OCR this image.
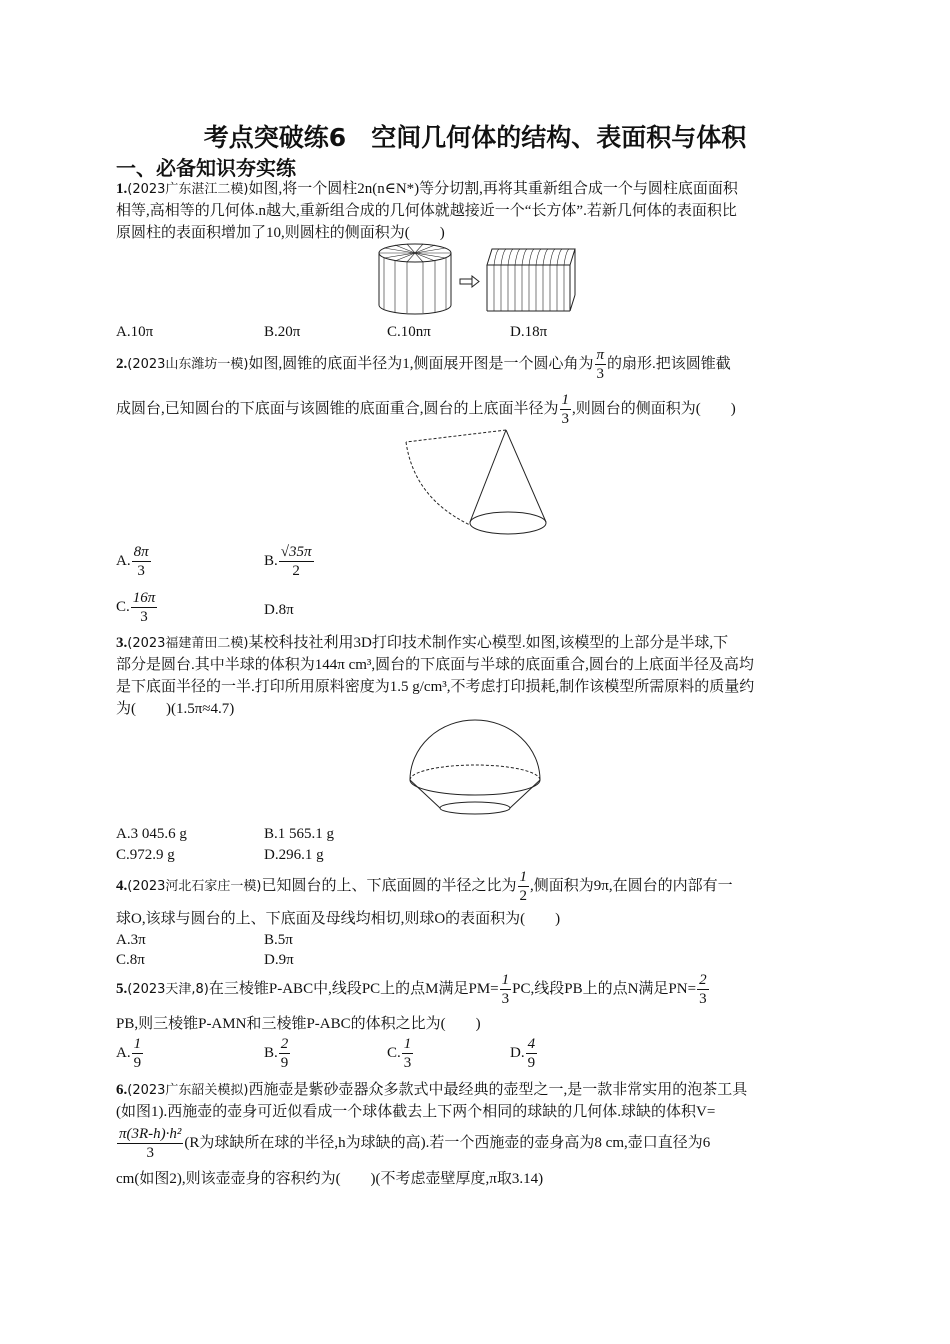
考点突破练6　空间几何体的结构、表面积与体积
一、必备知识夯实练
1.(2023广东湛江二模)如图,将一个圆柱2n(n∈N*)等分切割,再将其重新组合成一个与圆柱底面面积
相等,高相等的几何体.n越大,重新组合成的几何体就越接近一个“长方体”.若新几何体的表面积比
原圆柱的表面积增加了10,则圆柱的侧面积为(　　)
A.10π	B.20π	C.10nπ	D.18π
2.(2023山东潍坊一模)如图,圆锥的底面半径为1,侧面展开图是一个圆心角为 $\frac{\pi}{3}$ 的扇形.把该圆锥截
成圆台,已知圆台的下底面与该圆锥的底面重合,圆台的上底面半径为 $\frac{1}{3}$ ,则圆台的侧面积为(　　)
A. $\frac{8\pi}{3}$	B. $\frac{√35\pi}{2}$
C. $\frac{16\pi}{3}$	D.8π
3.(2023福建莆田二模)某校科技社利用3D打印技术制作实心模型.如图,该模型的上部分是半球,下
部分是圆台.其中半球的体积为144π cm³,圆台的下底面与半球的底面重合,圆台的上底面半径及高均
是下底面半径的一半.打印所用原料密度为1.5 g/cm³,不考虑打印损耗,制作该模型所需原料的质量约
为(　　)(1.5π≈4.7)
A.3 045.6 g	B.1 565.1 g
C.972.9 g	D.296.1 g
4.(2023河北石家庄一模)已知圆台的上、下底面圆的半径之比为 $\frac{1}{2}$ ,侧面积为9π,在圆台的内部有一
球O,该球与圆台的上、下底面及母线均相切,则球O的表面积为(　　)
A.3π	B.5π
C.8π	D.9π
5.(2023天津,8)在三棱锥P-ABC中,线段PC上的点M满足$PM= \frac{1}{3}$ PC,线段PB上的点N满足$PN= \frac{2}{3}$
PB,则三棱锥P-AMN和三棱锥P-ABC的体积之比为(　　)
A. $\frac{1}{9}$	B. $\frac{2}{9}$	C. $\frac{1}{3}$	D. $\frac{4}{9}$
6.(2023广东韶关模拟)西施壶是紫砂壶器众多款式中最经典的壶型之一,是一款非常实用的泡茶工具
(如图1).西施壶的壶身可近似看成一个球体截去上下两个相同的球缺的几何体.球缺的体积V=
$\frac{\text{π(3R-h)·h²}}{3} (R$为球缺所在球的半径,h为球缺的高).若一个西施壶的壶身高为8 cm,壶口直径为6
cm(如图2),则该壶壶身的容积约为(　　)(不考虑壶壁厚度,π取3.14)
